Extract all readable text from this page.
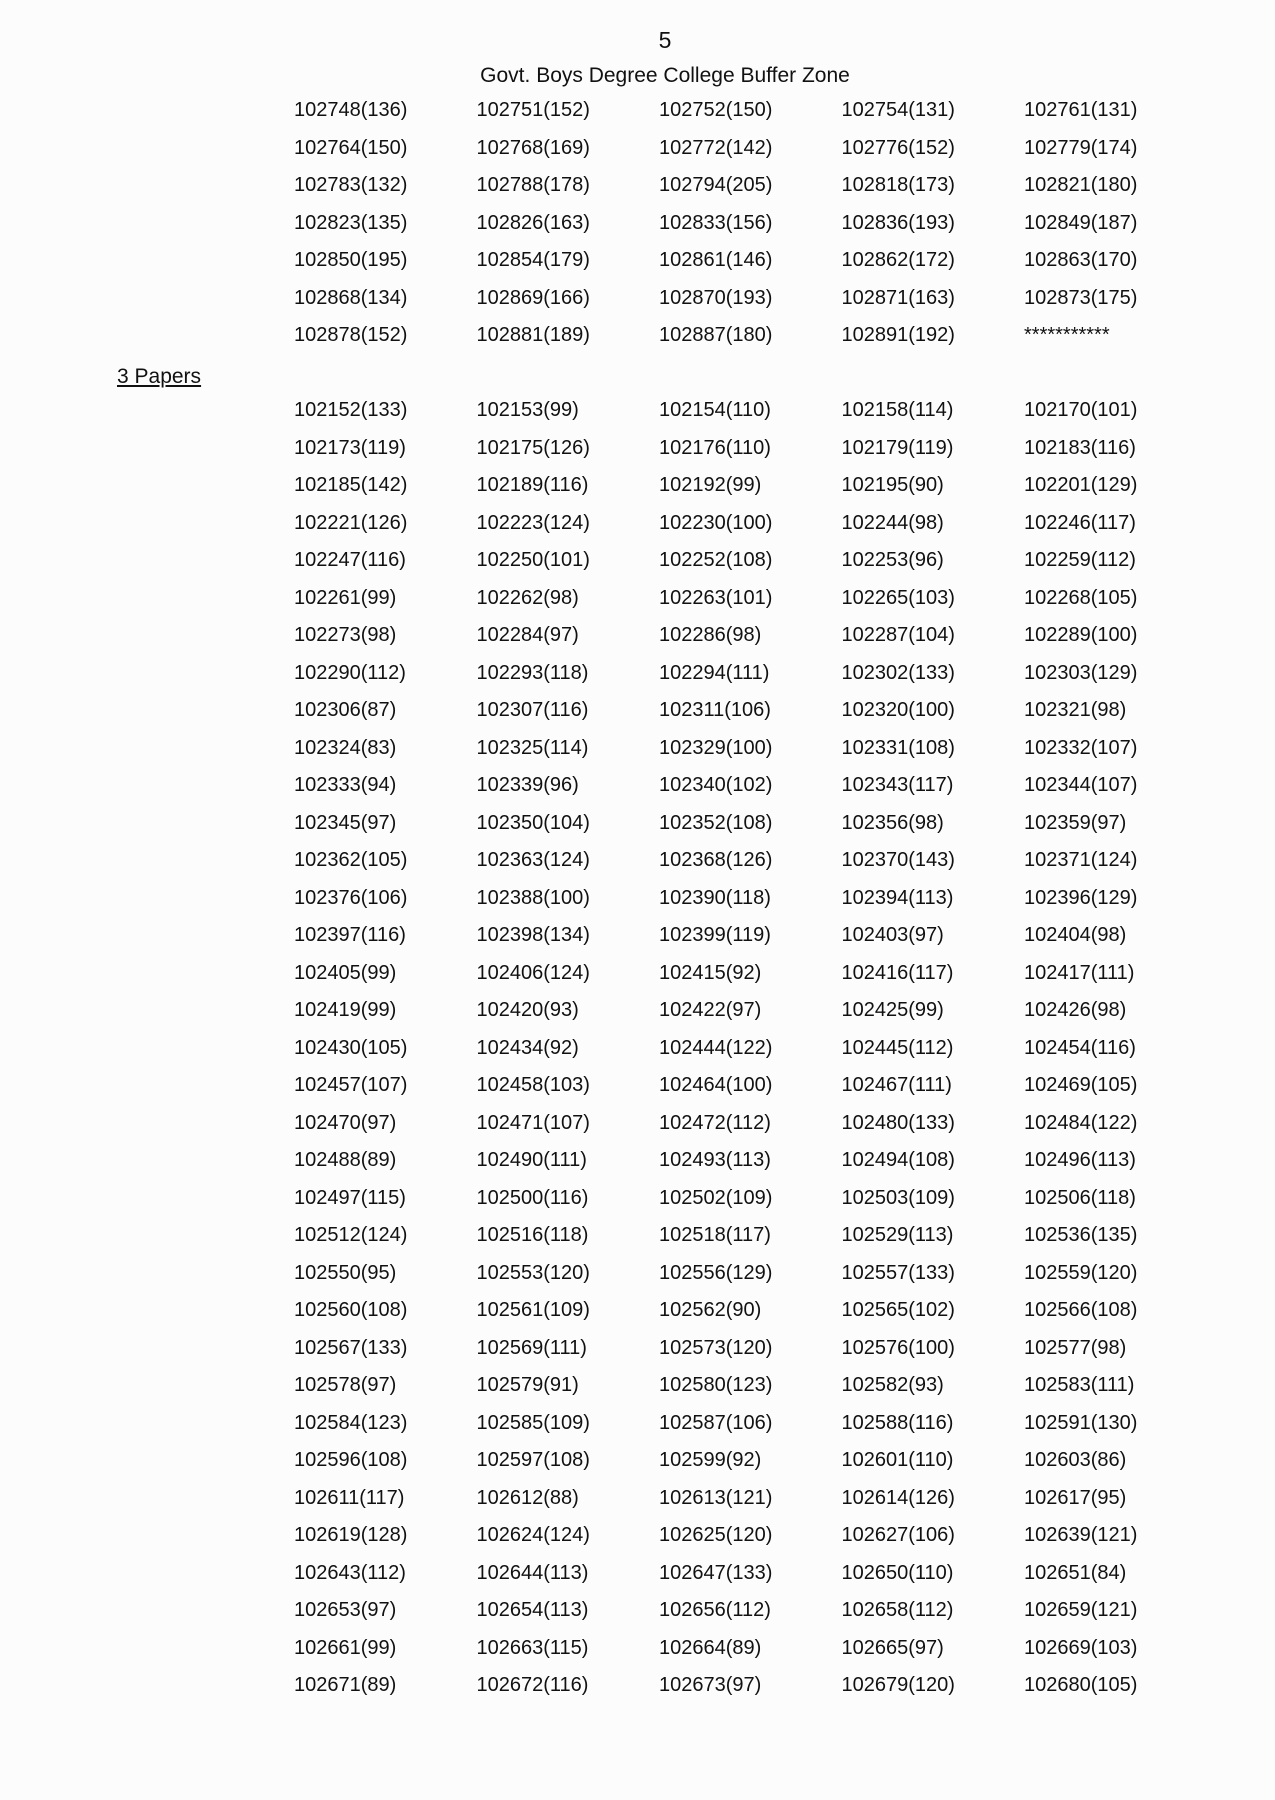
5
Govt. Boys Degree College Buffer Zone
102748(136)	102751(152)	102752(150)	102754(131)	102761(131)
102764(150)	102768(169)	102772(142)	102776(152)	102779(174)
102783(132)	102788(178)	102794(205)	102818(173)	102821(180)
102823(135)	102826(163)	102833(156)	102836(193)	102849(187)
102850(195)	102854(179)	102861(146)	102862(172)	102863(170)
102868(134)	102869(166)	102870(193)	102871(163)	102873(175)
102878(152)	102881(189)	102887(180)	102891(192)	***********
3 Papers
102152(133)	102153(99)	102154(110)	102158(114)	102170(101)
102173(119)	102175(126)	102176(110)	102179(119)	102183(116)
102185(142)	102189(116)	102192(99)	102195(90)	102201(129)
102221(126)	102223(124)	102230(100)	102244(98)	102246(117)
102247(116)	102250(101)	102252(108)	102253(96)	102259(112)
102261(99)	102262(98)	102263(101)	102265(103)	102268(105)
102273(98)	102284(97)	102286(98)	102287(104)	102289(100)
102290(112)	102293(118)	102294(111)	102302(133)	102303(129)
102306(87)	102307(116)	102311(106)	102320(100)	102321(98)
102324(83)	102325(114)	102329(100)	102331(108)	102332(107)
102333(94)	102339(96)	102340(102)	102343(117)	102344(107)
102345(97)	102350(104)	102352(108)	102356(98)	102359(97)
102362(105)	102363(124)	102368(126)	102370(143)	102371(124)
102376(106)	102388(100)	102390(118)	102394(113)	102396(129)
102397(116)	102398(134)	102399(119)	102403(97)	102404(98)
102405(99)	102406(124)	102415(92)	102416(117)	102417(111)
102419(99)	102420(93)	102422(97)	102425(99)	102426(98)
102430(105)	102434(92)	102444(122)	102445(112)	102454(116)
102457(107)	102458(103)	102464(100)	102467(111)	102469(105)
102470(97)	102471(107)	102472(112)	102480(133)	102484(122)
102488(89)	102490(111)	102493(113)	102494(108)	102496(113)
102497(115)	102500(116)	102502(109)	102503(109)	102506(118)
102512(124)	102516(118)	102518(117)	102529(113)	102536(135)
102550(95)	102553(120)	102556(129)	102557(133)	102559(120)
102560(108)	102561(109)	102562(90)	102565(102)	102566(108)
102567(133)	102569(111)	102573(120)	102576(100)	102577(98)
102578(97)	102579(91)	102580(123)	102582(93)	102583(111)
102584(123)	102585(109)	102587(106)	102588(116)	102591(130)
102596(108)	102597(108)	102599(92)	102601(110)	102603(86)
102611(117)	102612(88)	102613(121)	102614(126)	102617(95)
102619(128)	102624(124)	102625(120)	102627(106)	102639(121)
102643(112)	102644(113)	102647(133)	102650(110)	102651(84)
102653(97)	102654(113)	102656(112)	102658(112)	102659(121)
102661(99)	102663(115)	102664(89)	102665(97)	102669(103)
102671(89)	102672(116)	102673(97)	102679(120)	102680(105)
